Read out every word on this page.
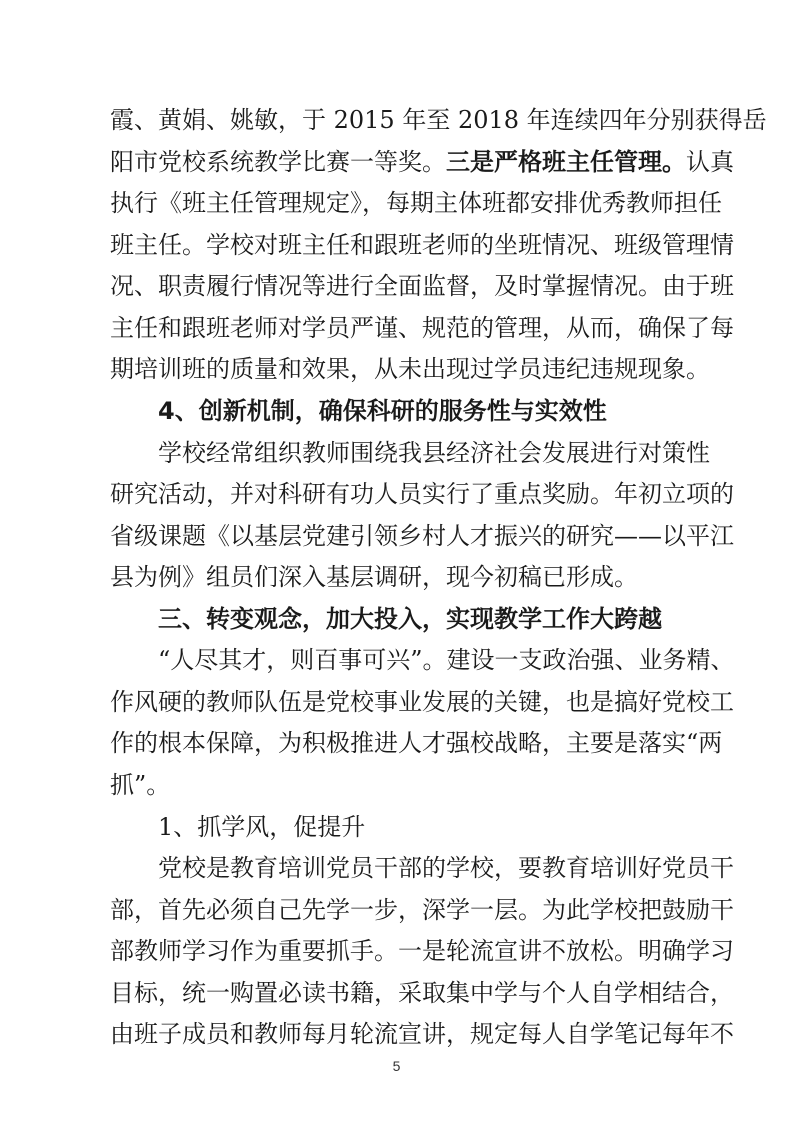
霞、黄娟、姚敏，于 2015 年至 2018 年连续四年分别获得岳
阳市党校系统教学比赛一等奖。三是严格班主任管理。认真
执行《班主任管理规定》，每期主体班都安排优秀教师担任
班主任。学校对班主任和跟班老师的坐班情况、班级管理情
况、职责履行情况等进行全面监督，及时掌握情况。由于班
主任和跟班老师对学员严谨、规范的管理，从而，确保了每
期培训班的质量和效果，从未出现过学员违纪违规现象。
4、创新机制，确保科研的服务性与实效性
学校经常组织教师围绕我县经济社会发展进行对策性
研究活动，并对科研有功人员实行了重点奖励。年初立项的
省级课题《以基层党建引领乡村人才振兴的研究——以平江
县为例》组员们深入基层调研，现今初稿已形成。
三、转变观念，加大投入，实现教学工作大跨越
“人尽其才，则百事可兴”。建设一支政治强、业务精、
作风硬的教师队伍是党校事业发展的关键，也是搞好党校工
作的根本保障，为积极推进人才强校战略，主要是落实“两
抓”。
1、抓学风，促提升
党校是教育培训党员干部的学校，要教育培训好党员干
部，首先必须自己先学一步，深学一层。为此学校把鼓励干
部教师学习作为重要抓手。一是轮流宣讲不放松。明确学习
目标，统一购置必读书籍，采取集中学与个人自学相结合，
由班子成员和教师每月轮流宣讲，规定每人自学笔记每年不
5
